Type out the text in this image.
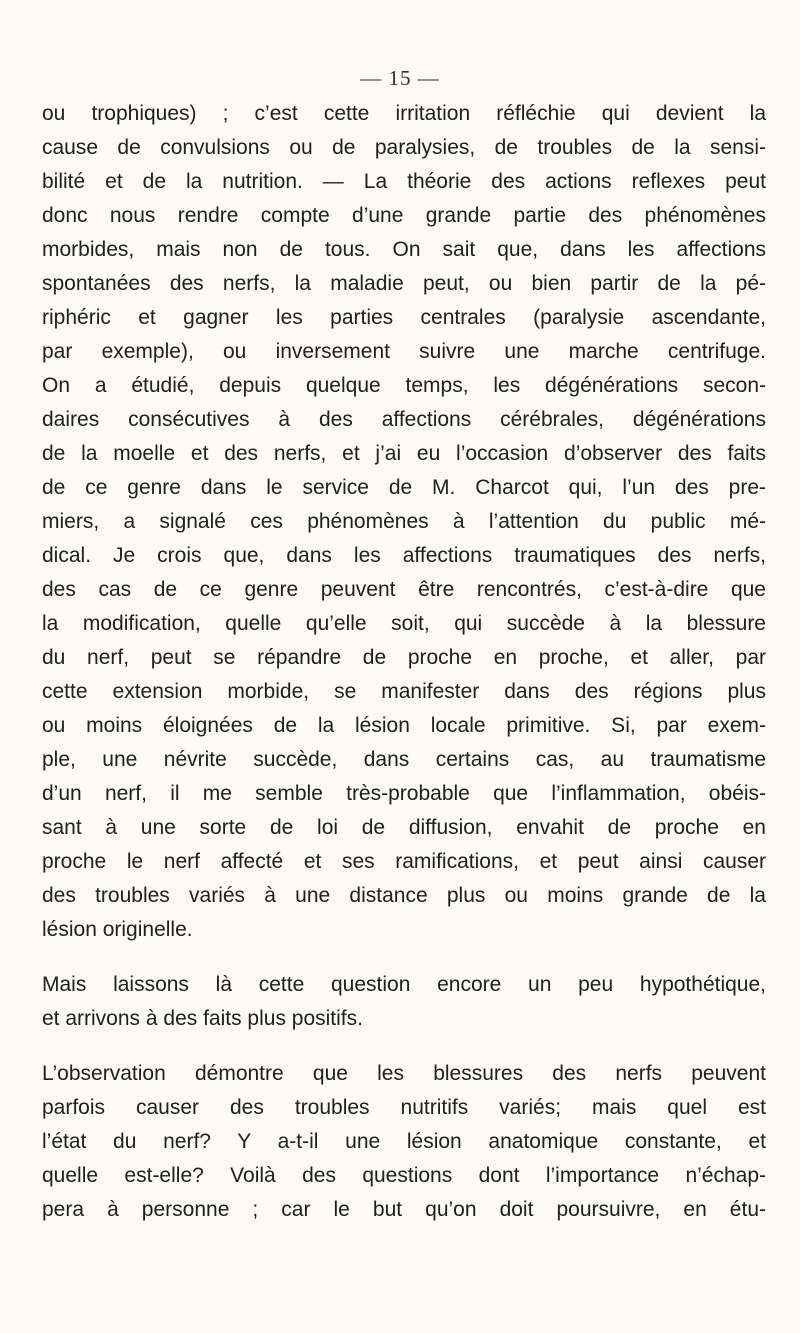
— 15 —
ou trophiques) ; c’est cette irritation réfléchie qui devient la
cause de convulsions ou de paralysies, de troubles de la sensi-
bilité et de la nutrition. — La théorie des actions reflexes peut
donc nous rendre compte d’une grande partie des phénomènes
morbides, mais non de tous. On sait que, dans les affections
spontanées des nerfs, la maladie peut, ou bien partir de la pé-
riphéric et gagner les parties centrales (paralysie ascendante,
par exemple), ou inversement suivre une marche centrifuge.
On a étudié, depuis quelque temps, les dégénérations secon-
daires consécutives à des affections cérébrales, dégénérations
de la moelle et des nerfs, et j’ai eu l’occasion d’observer des faits
de ce genre dans le service de M. Charcot qui, l’un des pre-
miers, a signalé ces phénomènes à l’attention du public mé-
dical. Je crois que, dans les affections traumatiques des nerfs,
des cas de ce genre peuvent être rencontrés, c’est-à-dire que
la modification, quelle qu’elle soit, qui succède à la blessure
du nerf, peut se répandre de proche en proche, et aller, par
cette extension morbide, se manifester dans des régions plus
ou moins éloignées de la lésion locale primitive. Si, par exem-
ple, une névrite succède, dans certains cas, au traumatisme
d’un nerf, il me semble très-probable que l’inflammation, obéis-
sant à une sorte de loi de diffusion, envahit de proche en
proche le nerf affecté et ses ramifications, et peut ainsi causer
des troubles variés à une distance plus ou moins grande de la
lésion originelle.
Mais laissons là cette question encore un peu hypothétique,
et arrivons à des faits plus positifs.
L’observation démontre que les blessures des nerfs peuvent
parfois causer des troubles nutritifs variés; mais quel est
l’état du nerf? Y a-t-il une lésion anatomique constante, et
quelle est-elle? Voilà des questions dont l’importance n’échap-
pera à personne ; car le but qu’on doit poursuivre, en étu-
